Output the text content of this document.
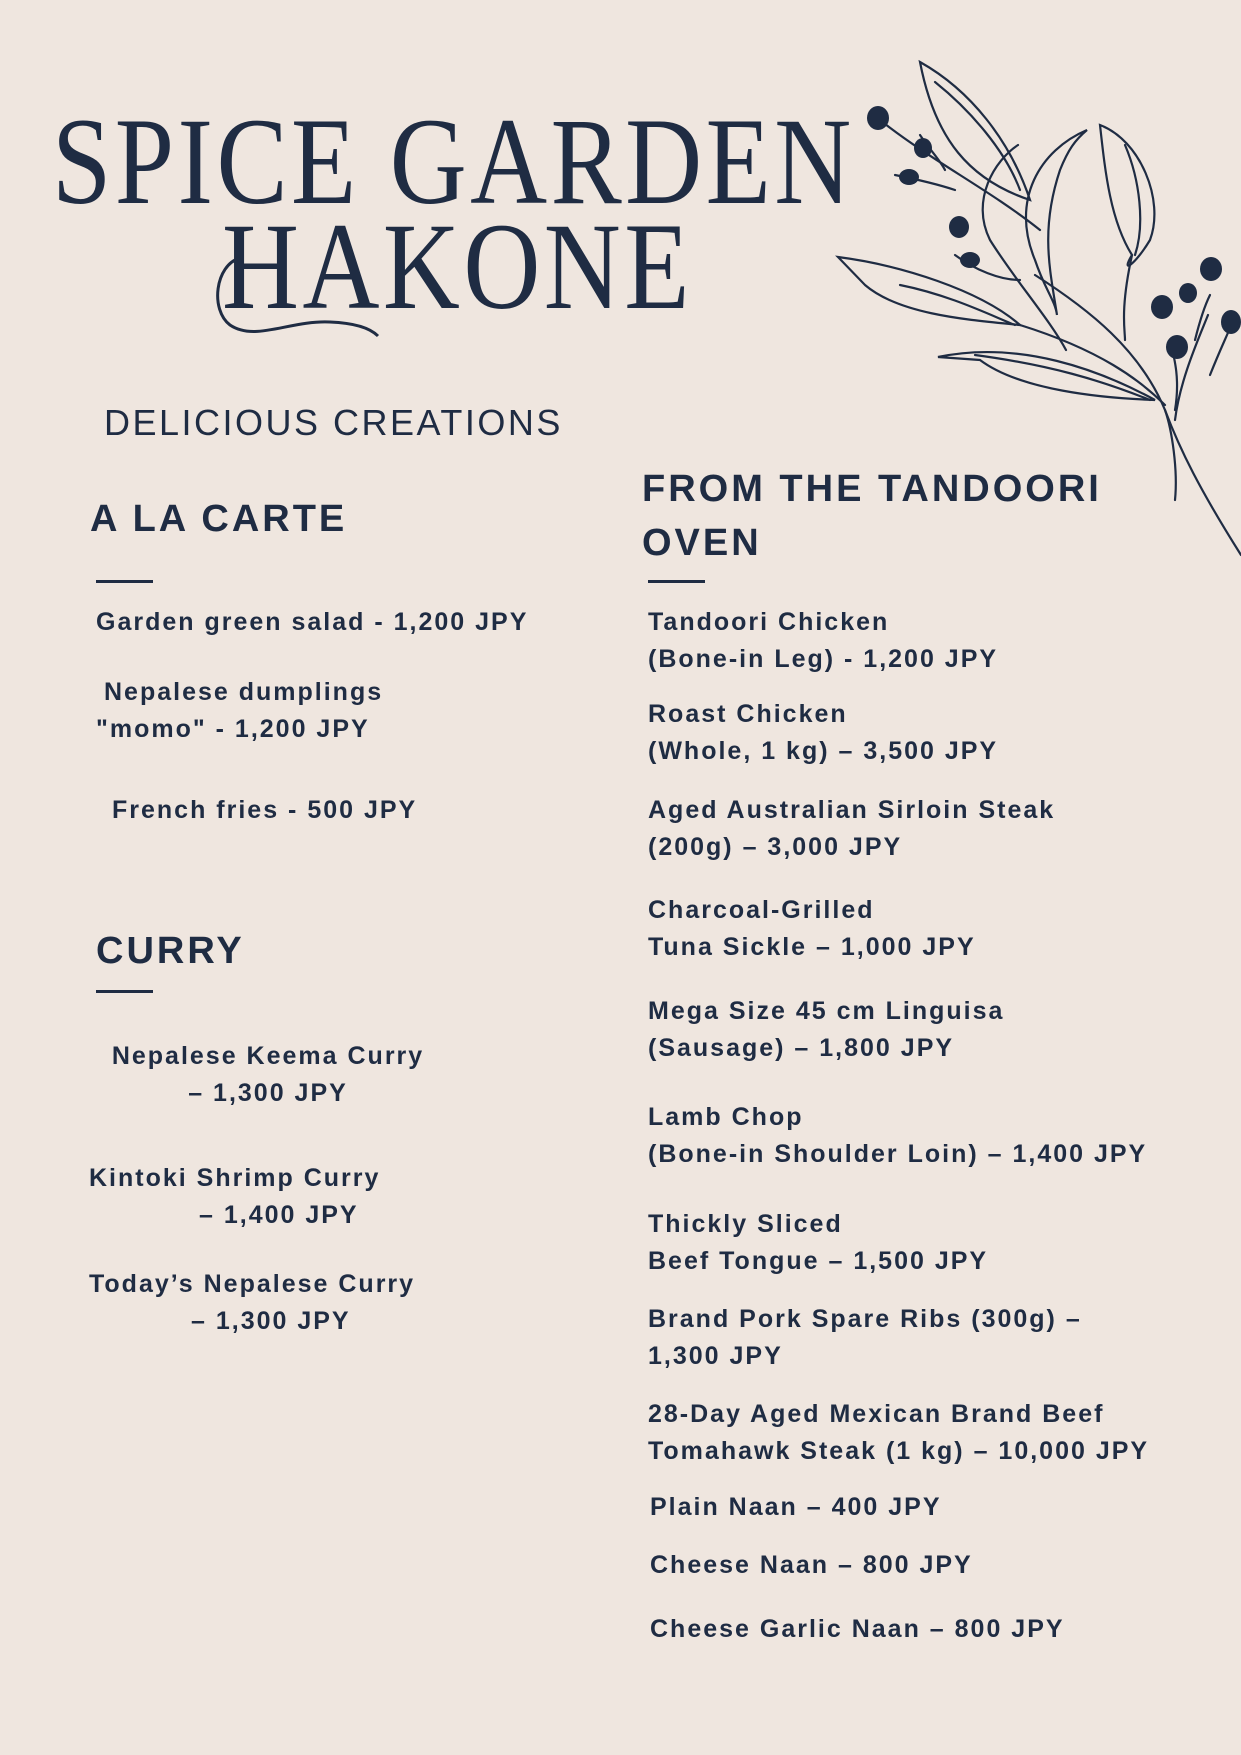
SPICE GARDEN
HAKONE
DELICIOUS CREATIONS
A LA CARTE
Garden green salad - 1,200 JPY
Nepalese dumplings
"momo" - 1,200 JPY
French fries - 500 JPY
CURRY
Nepalese Keema Curry
– 1,300 JPY
Kintoki Shrimp Curry
– 1,400 JPY
Today’s Nepalese Curry
– 1,300 JPY
FROM THE TANDOORI
OVEN
Tandoori Chicken
(Bone-in Leg) - 1,200 JPY
Roast Chicken
(Whole, 1 kg) – 3,500 JPY
Aged Australian Sirloin Steak
(200g) – 3,000 JPY
Charcoal-Grilled
Tuna Sickle – 1,000 JPY
Mega Size 45 cm Linguisa
(Sausage) – 1,800 JPY
Lamb Chop
(Bone-in Shoulder Loin) – 1,400 JPY
Thickly Sliced
Beef Tongue – 1,500 JPY
Brand Pork Spare Ribs (300g) –
1,300 JPY
28-Day Aged Mexican Brand Beef
Tomahawk Steak (1 kg) – 10,000 JPY
Plain Naan – 400 JPY
Cheese Naan – 800 JPY
Cheese Garlic Naan – 800 JPY
